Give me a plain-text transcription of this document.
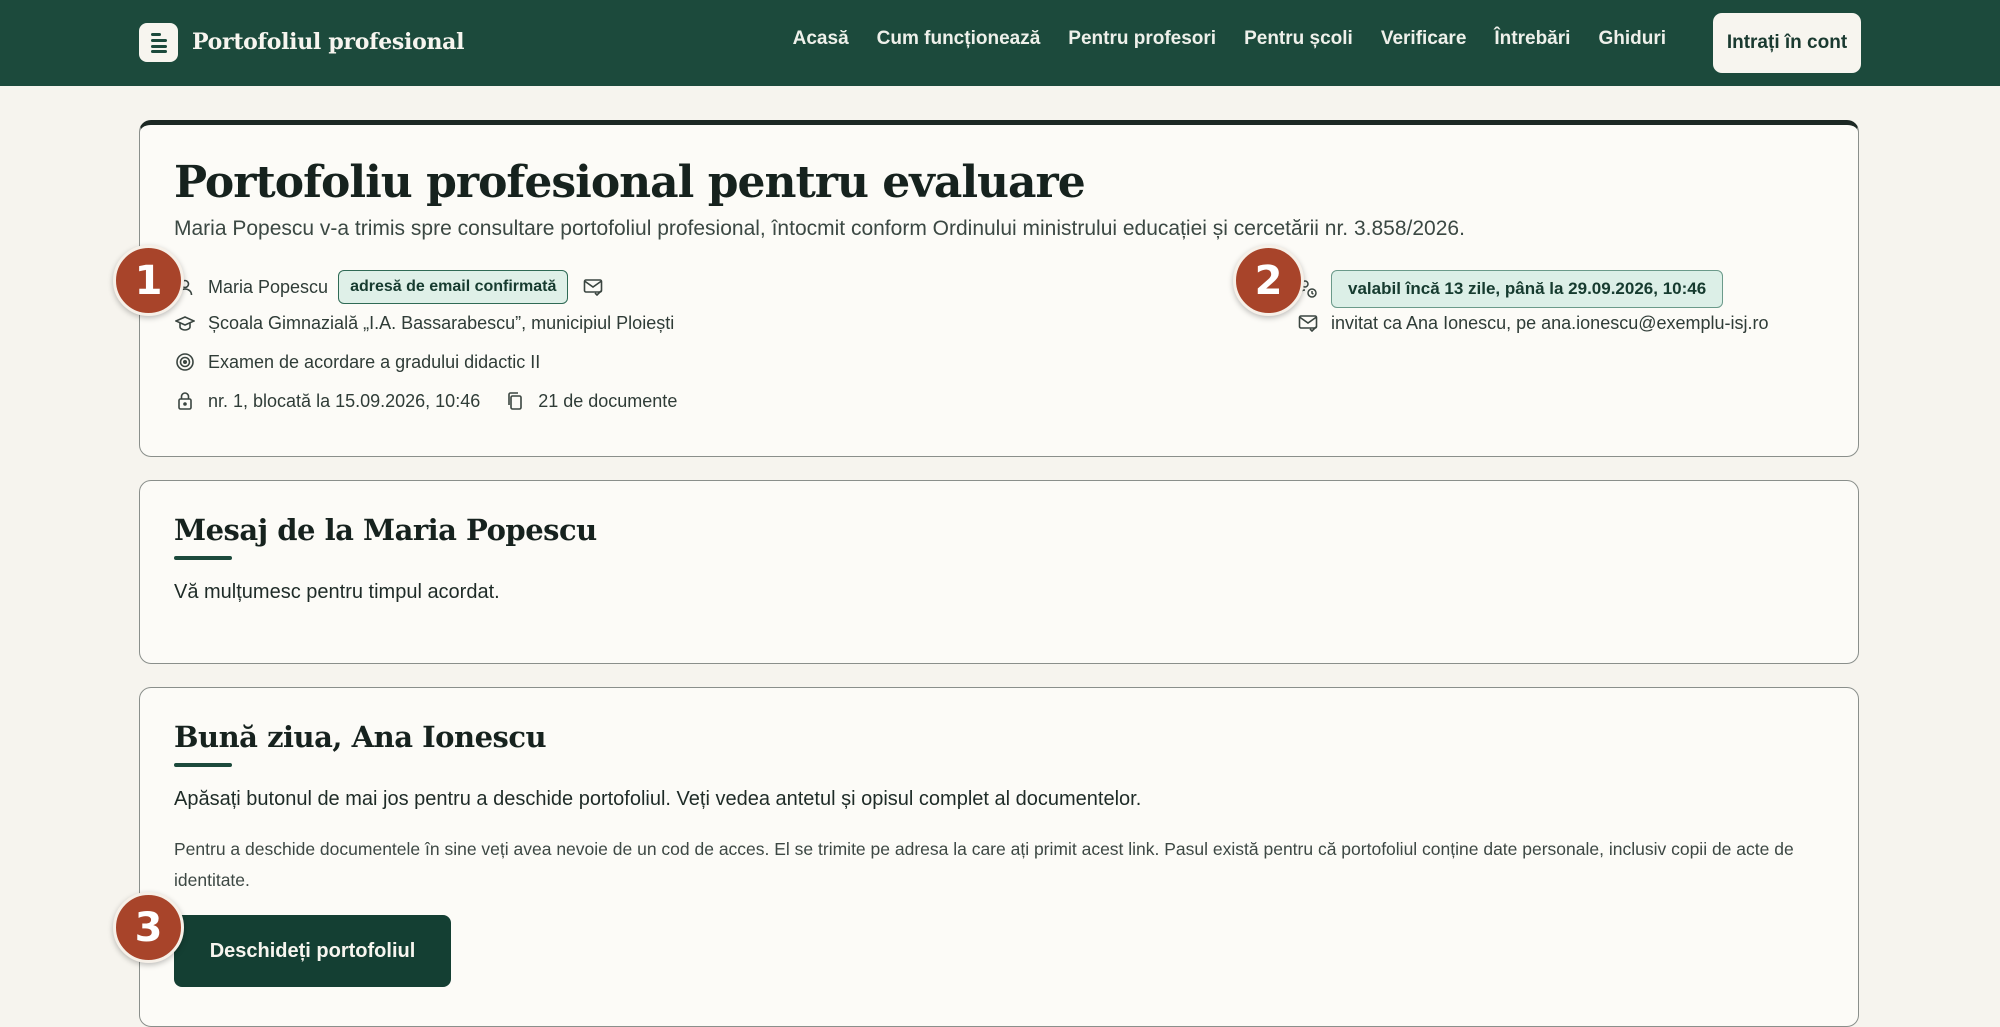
Portofoliul profesional	Acasă Cum funcționează Pentru profesori Pentru școli Verificare Întrebări Ghiduri	Intrați în cont
Portofoliu profesional pentru evaluare
Maria Popescu v-a trimis spre consultare portofoliul profesional, întocmit conform Ordinului ministrului educației și cercetării nr. 3.858/2026.
Maria Popescu	adresă de email confirmată
Școala Gimnazială „I.A. Bassarabescu”, municipiul Ploiești
Examen de acordare a gradului didactic II
nr. 1, blocată la 15.09.2026, 10:46	21 de documente
valabil încă 13 zile, până la 29.09.2026, 10:46
invitat ca Ana Ionescu, pe ana.ionescu@exemplu-isj.ro
Mesaj de la Maria Popescu
Vă mulțumesc pentru timpul acordat.
Bună ziua, Ana Ionescu
Apăsați butonul de mai jos pentru a deschide portofoliul. Veți vedea antetul și opisul complet al documentelor.
Pentru a deschide documentele în sine veți avea nevoie de un cod de acces. El se trimite pe adresa la care ați primit acest link. Pasul există pentru că portofoliul conține date personale, inclusiv copii de acte de identitate.
Deschideți portofoliul
1	2
3
